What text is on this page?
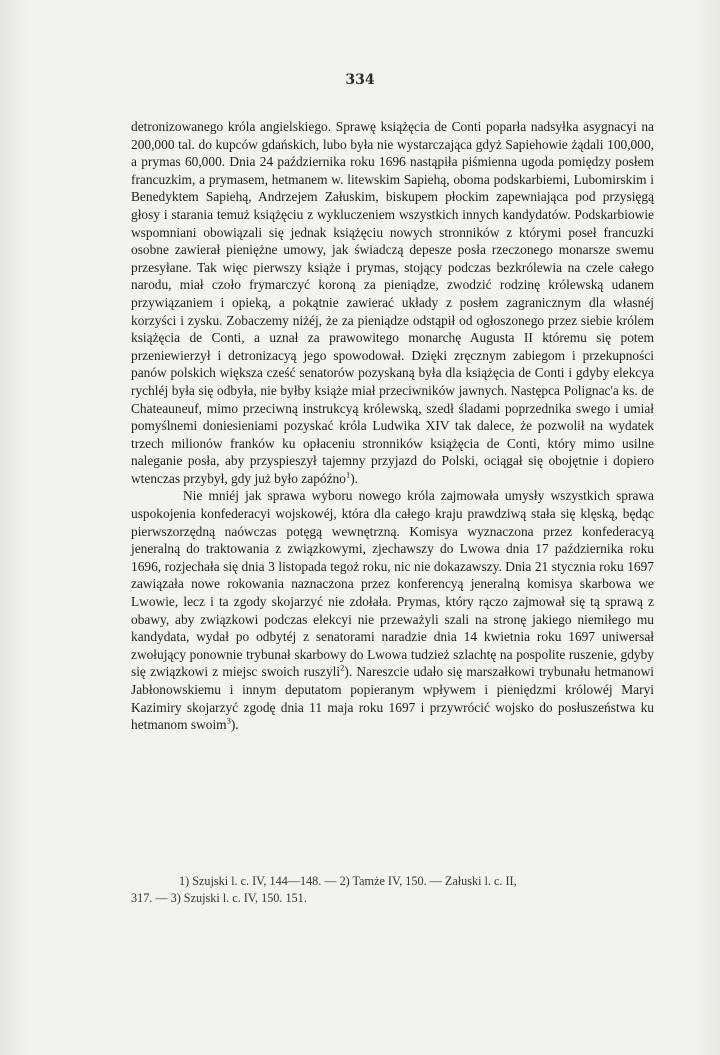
334

detronizowanego króla angielskiego. Sprawę książęcia de Conti poparła nadsyłka asygnacyi na 200,000 tal. do kupców gdańskich, lubo była nie wystarczająca gdyż Sapiehowie żądali 100,000, a prymas 60,000. Dnia 24 października roku 1696 nastąpiła piśmienna ugoda pomiędzy posłem francuzkim, a prymasem, hetmanem w. litewskim Sapiehą, oboma podskarbiemi, Lubomirskim i Benedyktem Sapiehą, Andrzejem Załuskim, biskupem płockim zapewniająca pod przysięgą głosy i starania temuż książęciu z wykluczeniem wszystkich innych kandydatów. Podskarbiowie wspomniani obowiązali się jednak książęciu nowych stronników z którymi poseł francuzki osobne zawierał pieniężne umowy, jak świadczą depesze posła rzeczonego monarsze swemu przesyłane. Tak więc pierwszy książe i prymas, stojący podczas bezkrólewia na czele całego narodu, miał czoło frymarczyć koroną za pieniądze, zwodzić rodzinę królewską udanem przywiązaniem i opieką, a pokątnie zawierać układy z posłem zagranicznym dla własnéj korzyści i zysku. Zobaczemy niżéj, że za pieniądze odstąpił od ogłoszonego przez siebie królem książęcia de Conti, a uznał za prawowitego monarchę Augusta II któremu się potem przeniewierzył i detronizacyą jego spowodował. Dzięki zręcznym zabiegom i przekupności panów polskich większa cześć senatorów pozyskaną była dla książęcia de Conti i gdyby elekcya rychléj była się odbyła, nie byłby książe miał przeciwników jawnych. Następca Polignac'a ks. de Chateauneuf, mimo przeciwną instrukcyą królewską, szedł śladami poprzednika swego i umiał pomyślnemi doniesieniami pozyskać króla Ludwika XIV tak dalece, że pozwolił na wydatek trzech milionów franków ku opłaceniu stronników książęcia de Conti, który mimo usilne naleganie posła, aby przyspieszył tajemny przyjazd do Polski, ociągał się obojętnie i dopiero wtenczas przybył, gdy już było zapóźno$^1$).

Nie mniéj jak sprawa wyboru nowego króla zajmowała umysły wszystkich sprawa uspokojenia konfederacyi wojskowéj, która dla całego kraju prawdziwą stała się klęską, będąc pierwszorzędną naówczas potęgą wewnętrzną. Komisya wyznaczona przez konfederacyą jeneralną do traktowania z związkowymi, zjechawszy do Lwowa dnia 17 października roku 1696, rozjechała się dnia 3 listopada tegoż roku, nic nie dokazawszy. Dnia 21 stycznia roku 1697 zawiązała nowe rokowania naznaczona przez konferencyą jeneralną komisya skarbowa we Lwowie, lecz i ta zgody skojarzyć nie zdołała. Prymas, który rączo zajmował się tą sprawą z obawy, aby związkowi podczas elekcyi nie przeważyli szali na stronę jakiego niemiłego mu kandydata, wydał po odbytéj z senatorami naradzie dnia 14 kwietnia roku 1697 uniwersał zwołujący ponownie trybunał skarbowy do Lwowa tudzież szlachtę na pospolite ruszenie, gdyby się związkowi z miejsc swoich ruszyli$^2$). Nareszcie udało się marszałkowi trybunału hetmanowi Jabłonowskiemu i innym deputatom popieranym wpływem i pieniędzmi królowéj Maryi Kazimiry skojarzyć zgodę dnia 11 maja roku 1697 i przywrócić wojsko do posłuszeństwa ku hetmanom swoim$^3$).

1) Szujski l. c. IV, 144—148. — 2) Tamże IV, 150. — Załuski l. c. II,

317. — 3) Szujski l. c. IV, 150. 151.
